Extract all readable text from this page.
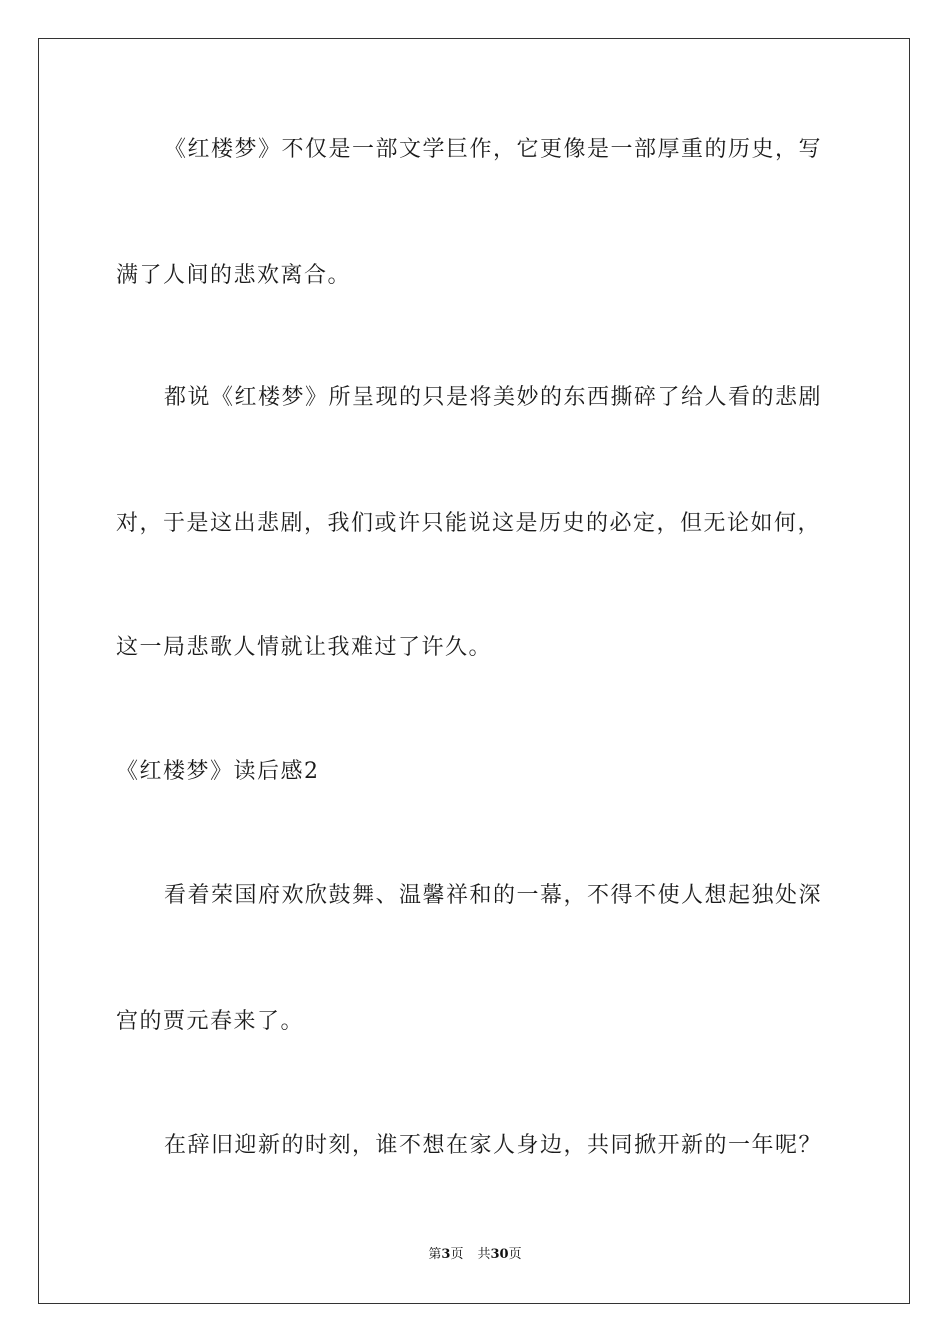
《红楼梦》不仅是一部文学巨作，它更像是一部厚重的历史，写
满了人间的悲欢离合。
都说《红楼梦》所呈现的只是将美妙的东西撕碎了给人看的悲剧
对，于是这出悲剧，我们或许只能说这是历史的必定，但无论如何，
这一局悲歌人情就让我难过了许久。
《红楼梦》读后感2
看着荣国府欢欣鼓舞、温馨祥和的一幕，不得不使人想起独处深
宫的贾元春来了。
在辞旧迎新的时刻，谁不想在家人身边，共同掀开新的一年呢？
第3页 共30页
